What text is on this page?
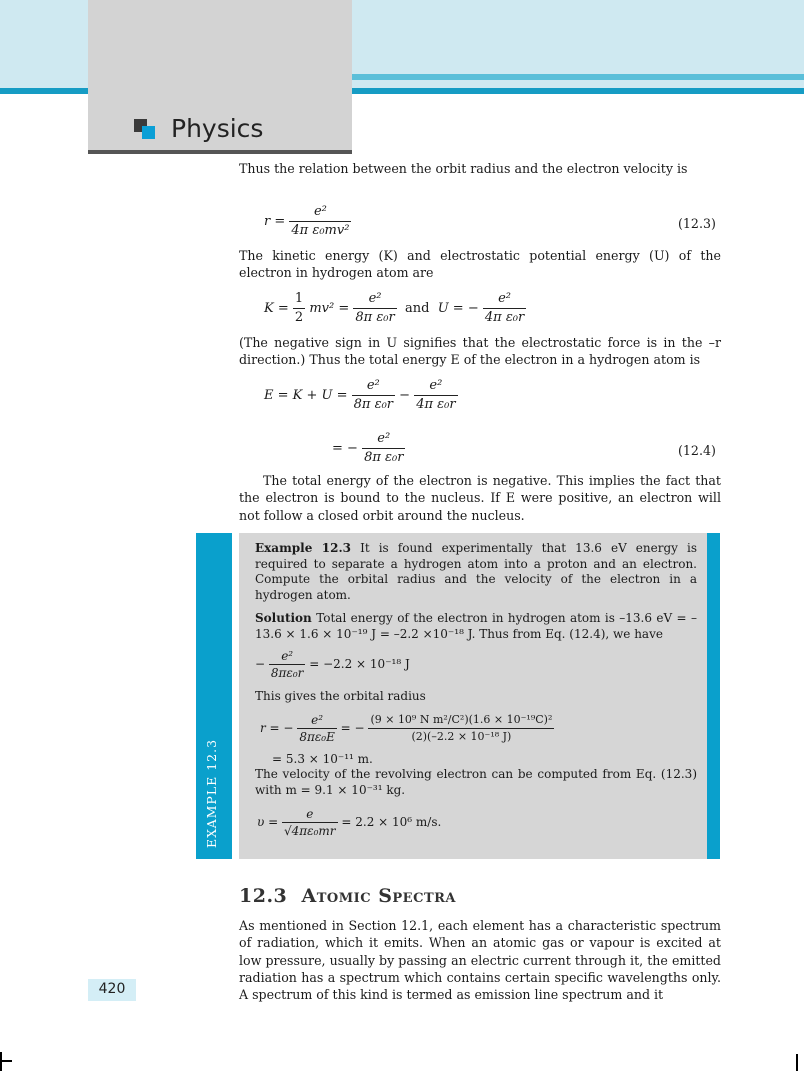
Physics

Thus the relation between the orbit radius and the electron velocity is

$r = \frac{\text{e²}}{\text{4π ε₀mv²}}$	(12.3)

The kinetic energy (K) and electrostatic potential energy (U) of the electron in hydrogen atom are

$K = \frac{1}{2} mv^2 = \frac{\text{e²}}{\text{8π ε₀r}}$ and U = − $\frac{\text{e²}}{\text{4π ε₀r}}$

(The negative sign in U signifies that the electrostatic force is in the –r direction.) Thus the total energy E of the electron in a hydrogen atom is

$E = K + U = \frac{\text{e²}}{\text{8π ε₀r}} - \frac{\text{e²}}{\text{4π ε₀r}}$
= − $\frac{\text{e²}}{\text{8π ε₀r}}$	(12.4)

The total energy of the electron is negative. This implies the fact that the electron is bound to the nucleus. If E were positive, an electron will not follow a closed orbit around the nucleus.

EXAMPLE 12.3

Example 12.3 It is found experimentally that 13.6 eV energy is required to separate a hydrogen atom into a proton and an electron. Compute the orbital radius and the velocity of the electron in a hydrogen atom.

Solution Total energy of the electron in hydrogen atom is –13.6 eV = –13.6 × 1.6 × 10⁻¹⁹ J = –2.2 ×10⁻¹⁸ J. Thus from Eq. (12.4), we have

− $\frac{\text{e²}}{\text{8πε₀r}} = -2.2 \times 10^{-18}$ J

This gives the orbital radius

r = − $\frac{\text{e²}}{\text{8πε₀E}}$ = − $\frac{\text{(9 × 10⁹ N m²/C²)(1.6 × 10⁻¹⁹C)²}}{\text{(2)(–2.2 × 10⁻¹⁸ J)}}$
= 5.3 × 10⁻¹¹ m.

The velocity of the revolving electron can be computed from Eq. (12.3) with m = 9.1 × 10⁻³¹ kg.

$\upsilon = \frac{e}{\text{√4πε₀mr}} = 2.2 \times 10^6$ m/s.
12.3 Atomic Spectra

As mentioned in Section 12.1, each element has a characteristic spectrum of radiation, which it emits. When an atomic gas or vapour is excited at low pressure, usually by passing an electric current through it, the emitted radiation has a spectrum which contains certain specific wavelengths only. A spectrum of this kind is termed as emission line spectrum and it

420
